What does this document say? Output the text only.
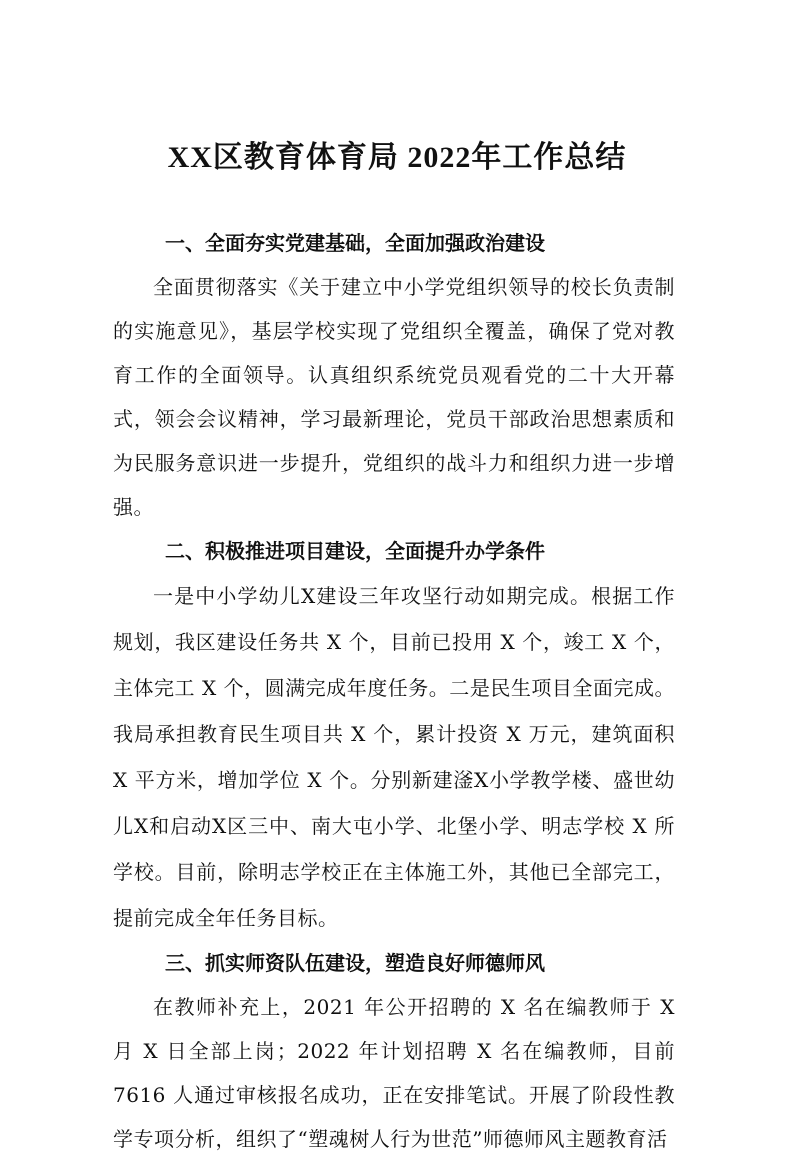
XX区教育体育局 2022年工作总结
一、全面夯实党建基础，全面加强政治建设

全面贯彻落实《关于建立中小学党组织领导的校长负责制的实施意见》，基层学校实现了党组织全覆盖，确保了党对教育工作的全面领导。认真组织系统党员观看党的二十大开幕式，领会会议精神，学习最新理论，党员干部政治思想素质和为民服务意识进一步提升，党组织的战斗力和组织力进一步增强。

二、积极推进项目建设，全面提升办学条件

一是中小学幼儿X建设三年攻坚行动如期完成。根据工作规划，我区建设任务共 X 个，目前已投用 X 个，竣工 X 个，主体完工 X 个，圆满完成年度任务。二是民生项目全面完成。我局承担教育民生项目共 X 个，累计投资 X 万元，建筑面积 X 平方米，增加学位 X 个。分别新建滏X小学教学楼、盛世幼儿X和启动X区三中、南大屯小学、北堡小学、明志学校 X 所学校。目前，除明志学校正在主体施工外，其他已全部完工，提前完成全年任务目标。

三、抓实师资队伍建设，塑造良好师德师风

在教师补充上，2021 年公开招聘的 X 名在编教师于 X 月 X 日全部上岗；2022 年计划招聘 X 名在编教师，目前 7616 人通过审核报名成功，正在安排笔试。开展了阶段性教学专项分析，组织了“塑魂树人行为世范”师德师风主题教育活
